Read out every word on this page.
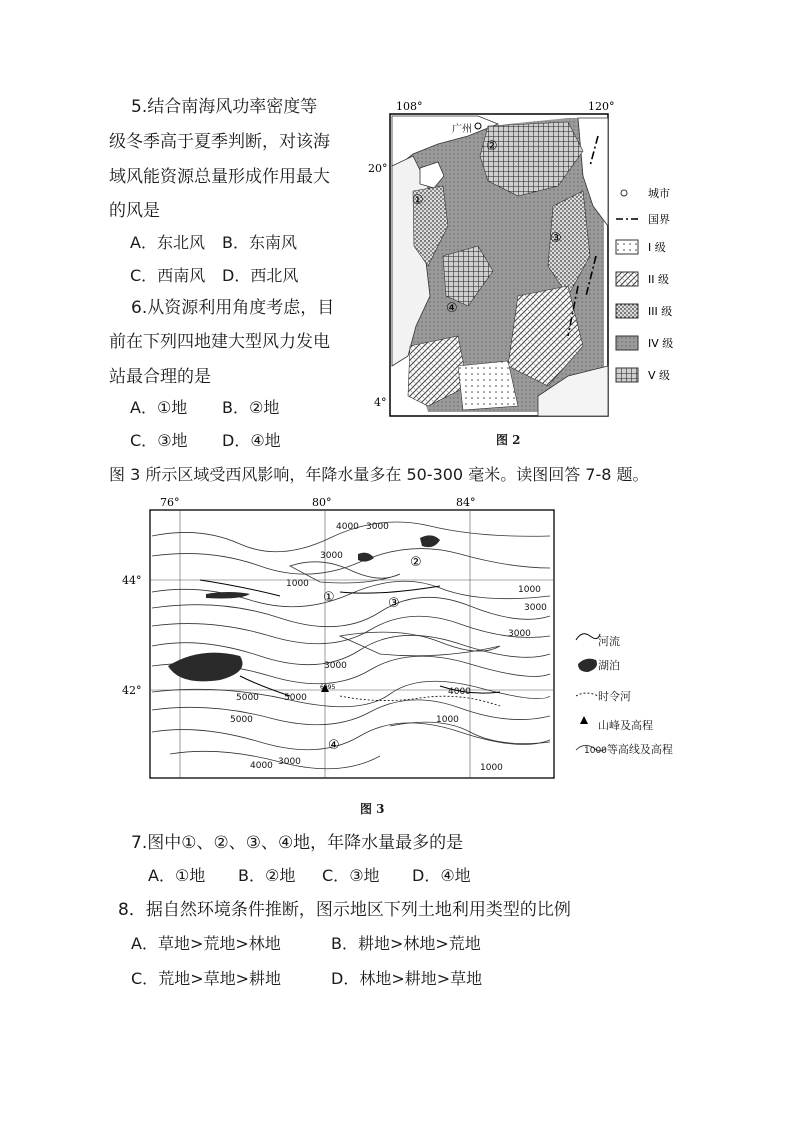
5.结合南海风功率密度等
级冬季高于夏季判断，对该海
域风能资源总量形成作用最大
的风是
A．东北风 B．东南风
C．西南风 D．西北风
6.从资源利用角度考虑，目
前在下列四地建大型风力发电
站最合理的是
A．①地 B．②地
C．③地 D．④地
广州
①
②
③
④
108°	120°
20°
4°
城市
国界
I 级
II 级
III 级
IV 级
V 级
图 2
图 3 所示区域受西风影响，年降水量多在 50-300 毫米。读图回答 7-8 题。
6995
4000 3000
3000
1000
1000
3000
3000
5000	5000
5000
3000
4000
1000
4000 3000
1000
①
②
③
④
76°	80°	84°
44°
42°
河流
湖泊
时令河
山峰及高程
1000等高线及高程
图 3
7.图中①、②、③、④地，年降水量最多的是
A．①地 B．②地 C．③地 D．④地
8．据自然环境条件推断，图示地区下列土地利用类型的比例
A．草地>荒地>林地	B．耕地>林地>荒地
C．荒地>草地>耕地	D．林地>耕地>草地
